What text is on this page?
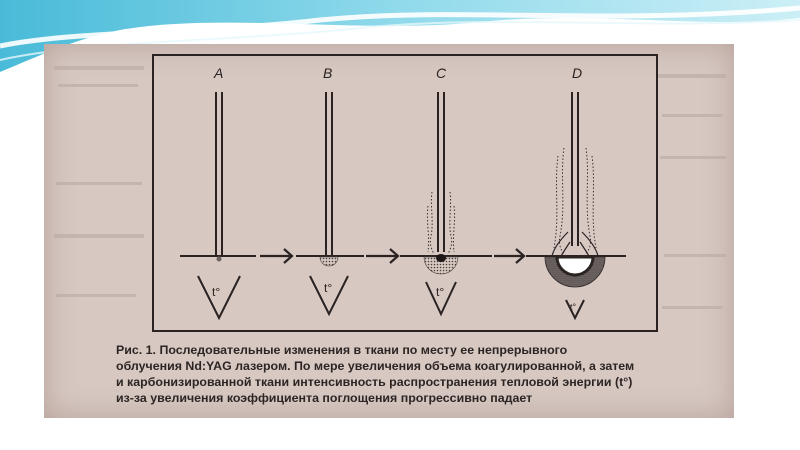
A	B	C	D
t°	t°	t°
t°

Рис. 1. Последовательные изменения в ткани по месту ее непрерывного

облучения Nd:YAG лазером. По мере увеличения объема коагулированной, а затем

и карбонизированной ткани интенсивность распространения тепловой энергии (t°)

из-за увеличения коэффициента поглощения прогрессивно падает
